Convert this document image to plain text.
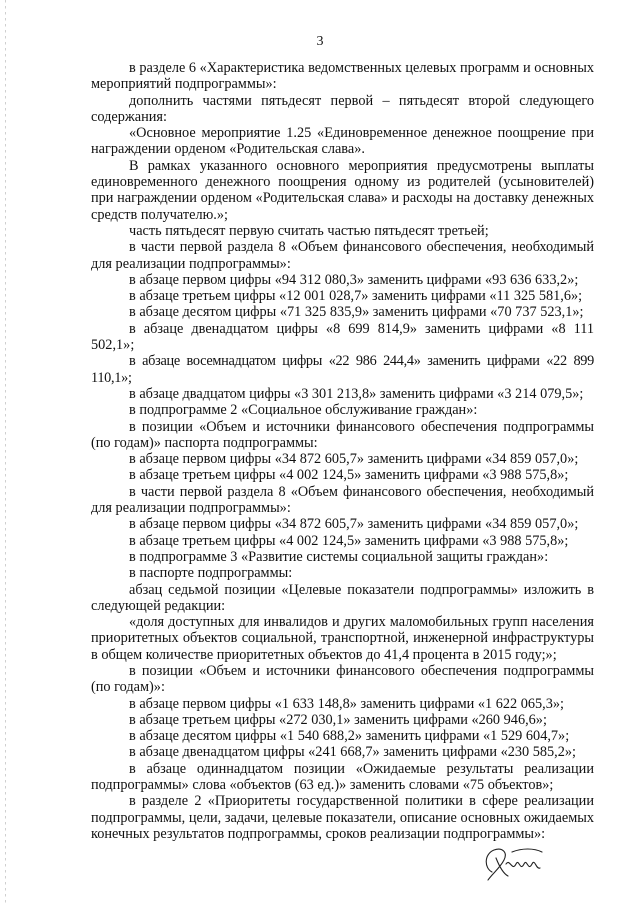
3

в разделе 6 «Характеристика ведомственных целевых программ и основных мероприятий подпрограммы»:

дополнить частями пятьдесят первой – пятьдесят второй следующего содержания:

«Основное мероприятие 1.25 «Единовременное денежное поощрение при награждении орденом «Родительская слава».

В рамках указанного основного мероприятия предусмотрены выплаты единовременного денежного поощрения одному из родителей (усыновителей) при награждении орденом «Родительская слава» и расходы на доставку денежных средств получателю.»;

часть пятьдесят первую считать частью пятьдесят третьей;

в части первой раздела 8 «Объем финансового обеспечения, необходимый для реализации подпрограммы»:

в абзаце первом цифры «94 312 080,3» заменить цифрами «93 636 633,2»;

в абзаце третьем цифры «12 001 028,7» заменить цифрами «11 325 581,6»;

в абзаце десятом цифры «71 325 835,9» заменить цифрами «70 737 523,1»;

в абзаце двенадцатом цифры «8 699 814,9» заменить цифрами «8 111 502,1»;

в абзаце восемнадцатом цифры «22 986 244,4» заменить цифрами «22 899 110,1»;

в абзаце двадцатом цифры «3 301 213,8» заменить цифрами «3 214 079,5»;

в подпрограмме 2 «Социальное обслуживание граждан»:

в позиции «Объем и источники финансового обеспечения подпрограммы (по годам)» паспорта подпрограммы:

в абзаце первом цифры «34 872 605,7» заменить цифрами «34 859 057,0»;

в абзаце третьем цифры «4 002 124,5» заменить цифрами «3 988 575,8»;

в части первой раздела 8 «Объем финансового обеспечения, необходимый для реализации подпрограммы»:

в абзаце первом цифры «34 872 605,7» заменить цифрами «34 859 057,0»;

в абзаце третьем цифры «4 002 124,5» заменить цифрами «3 988 575,8»;

в подпрограмме 3 «Развитие системы социальной защиты граждан»:

в паспорте подпрограммы:

абзац седьмой позиции «Целевые показатели подпрограммы» изложить в следующей редакции:

«доля доступных для инвалидов и других маломобильных групп населения приоритетных объектов социальной, транспортной, инженерной инфраструктуры в общем количестве приоритетных объектов до 41,4 процента в 2015 году;»;

в позиции «Объем и источники финансового обеспечения подпрограммы (по годам)»:

в абзаце первом цифры «1 633 148,8» заменить цифрами «1 622 065,3»;

в абзаце третьем цифры «272 030,1» заменить цифрами «260 946,6»;

в абзаце десятом цифры «1 540 688,2» заменить цифрами «1 529 604,7»;

в абзаце двенадцатом цифры «241 668,7» заменить цифрами «230 585,2»;

в абзаце одиннадцатом позиции «Ожидаемые результаты реализации подпрограммы» слова «объектов (63 ед.)» заменить словами «75 объектов»;

в разделе 2 «Приоритеты государственной политики в сфере реализации подпрограммы, цели, задачи, целевые показатели, описание основных ожидаемых конечных результатов подпрограммы, сроков реализации подпрограммы»:
